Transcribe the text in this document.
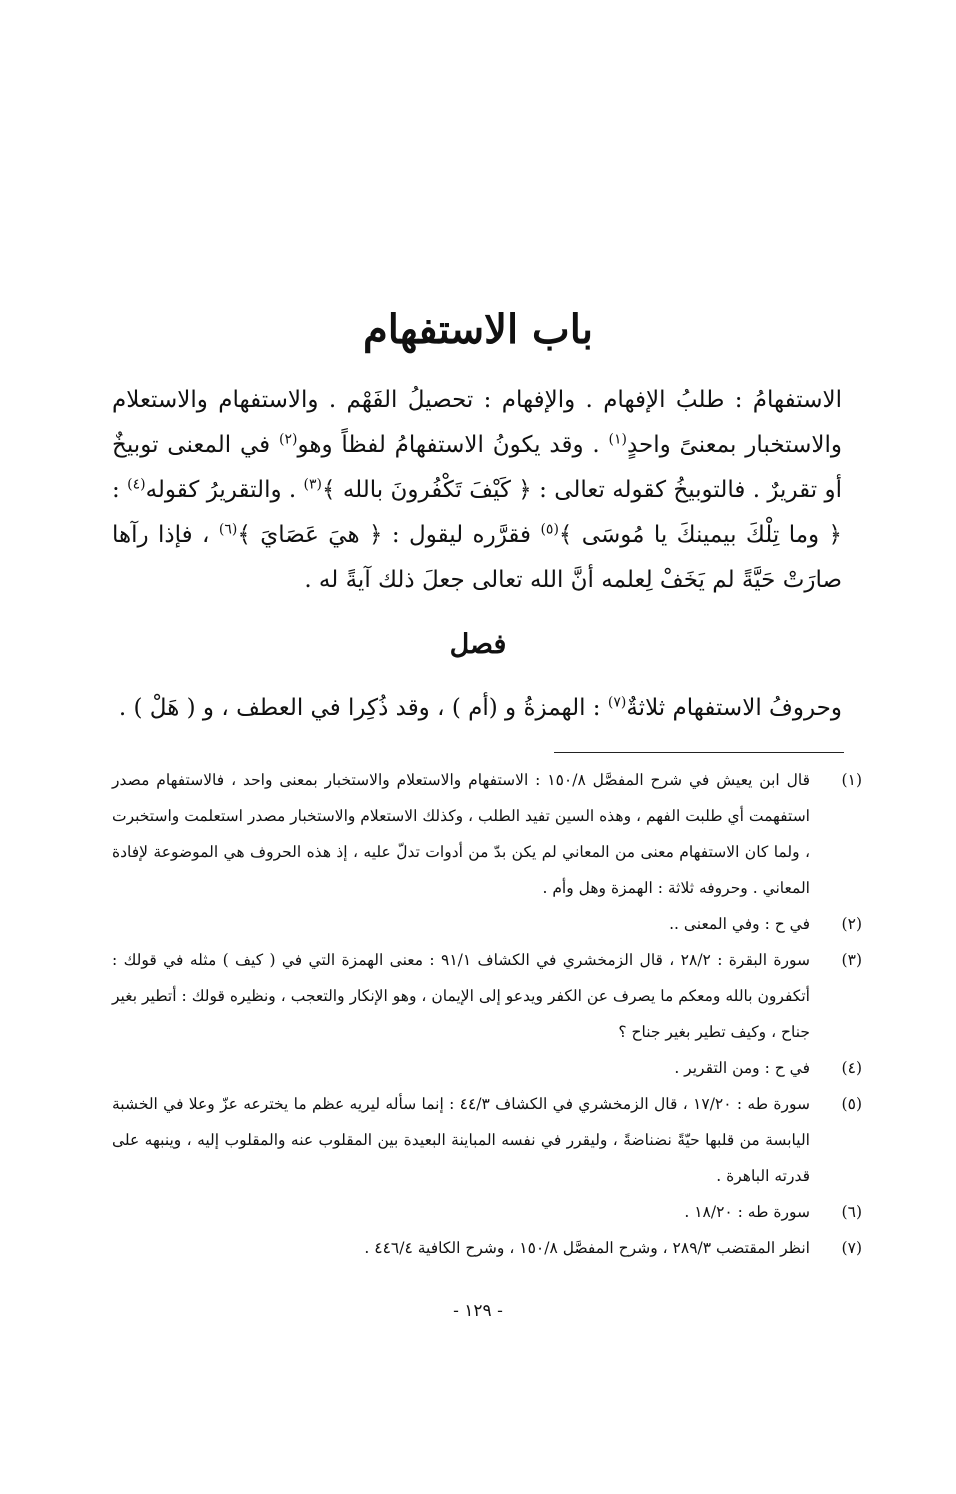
باب الاستفهام

الاستفهامُ : طلبُ الإفهام . والإفهام : تحصيلُ الفَهْم . والاستفهام والاستعلام والاستخبار بمعنىً واحدٍ$^{(١)}$ . وقد يكونُ الاستفهامُ لفظاً وهو$^{(٢)}$ في المعنى توبيخٌ أو تقريرٌ . فالتوبيخُ كقوله تعالى : ﴿ كَيْفَ تَكْفُرونَ بالله ﴾$^{(٣)}$ . والتقريرُ كقوله$^{(٤)}$ : ﴿ وما تِلْكَ بيمينكَ يا مُوسَى ﴾$^{(٥)}$ فقرَّره ليقول : ﴿ هيَ عَصَايَ ﴾$^{(٦)}$ ، فإذا رآها صارَتْ حَيَّةً لم يَخَفْ لِعلمه أنَّ الله تعالى جعلَ ذلك آيةً له .

فصل

وحروفُ الاستفهام ثلاثةٌ$^{(٧)}$ : الهمزةُ و (أم ) ، وقد ذُكِرا في العطف ، و ( هَلْ ) .

(١)
قال ابن يعيش في شرح المفصَّل ١٥٠/٨ : الاستفهام والاستعلام والاستخبار بمعنى واحد ، فالاستفهام مصدر استفهمت أي طلبت الفهم ، وهذه السين تفيد الطلب ، وكذلك الاستعلام والاستخبار مصدر استعلمت واستخبرت ، ولما كان الاستفهام معنى من المعاني لم يكن بدّ من أدوات تدلّ عليه ، إذ هذه الحروف هي الموضوعة لإفادة المعاني . وحروفه ثلاثة : الهمزة وهل وأم .
(٢)
في ح : وفي المعنى ..
(٣)
سورة البقرة : ٢٨/٢ ، قال الزمخشري في الكشاف ٩١/١ : معنى الهمزة التي في ( كيف ) مثله في قولك : أتكفرون بالله ومعكم ما يصرف عن الكفر ويدعو إلى الإيمان ، وهو الإنكار والتعجب ، ونظيره قولك : أتطير بغير جناح ، وكيف تطير بغير جناح ؟
(٤)
في ح : ومن التقرير .
(٥)
سورة طه : ١٧/٢٠ ، قال الزمخشري في الكشاف ٤٤/٣ : إنما سأله ليريه عظم ما يخترعه عزّ وعلا في الخشبة اليابسة من قلبها حيّةً نضناضةً ، وليقرر في نفسه المباينة البعيدة بين المقلوب عنه والمقلوب إليه ، وينبهه على قدرته الباهرة .
(٦)
سورة طه : ١٨/٢٠ .
(٧)
انظر المقتضب ٢٨٩/٣ ، وشرح المفصَّل ١٥٠/٨ ، وشرح الكافية ٤٤٦/٤ .
- ١٢٩ -
